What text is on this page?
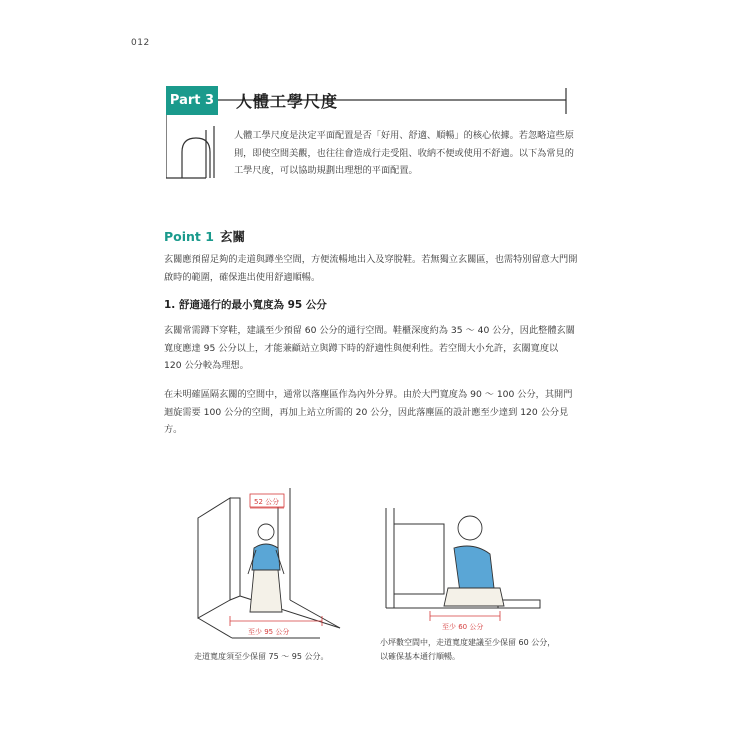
012
Part 3 人體工學尺度
人體工學尺度是決定平面配置是否「好用、舒適、順暢」的核心依據。若忽略這些原則，即使空間美觀，也往往會造成行走受阻、收納不便或使用不舒適。以下為常見的工學尺度，可以協助規劃出理想的平面配置。
Point 1 玄關
玄關應預留足夠的走道與蹲坐空間，方便流暢地出入及穿脫鞋。若無獨立玄關區，也需特別留意大門開啟時的範圍，確保進出使用舒適順暢。
1. 舒適通行的最小寬度為 95 公分
玄關常需蹲下穿鞋，建議至少預留 60 公分的通行空間。鞋櫃深度約為 35 ～ 40 公分，因此整體玄關寬度應達 95 公分以上，才能兼顧站立與蹲下時的舒適性與便利性。若空間大小允許，玄關寬度以 120 公分較為理想。
在未明確區隔玄關的空間中，通常以落塵區作為內外分界。由於大門寬度為 90 ～ 100 公分，其開門迴旋需要 100 公分的空間，再加上站立所需的 20 公分，因此落塵區的設計應至少達到 120 公分見方。
52 公分
至少 95 公分
至少 60 公分
走道寬度須至少保留 75 ～ 95 公分。
小坪數空間中，走道寬度建議至少保留 60 公分，
以確保基本通行順暢。
